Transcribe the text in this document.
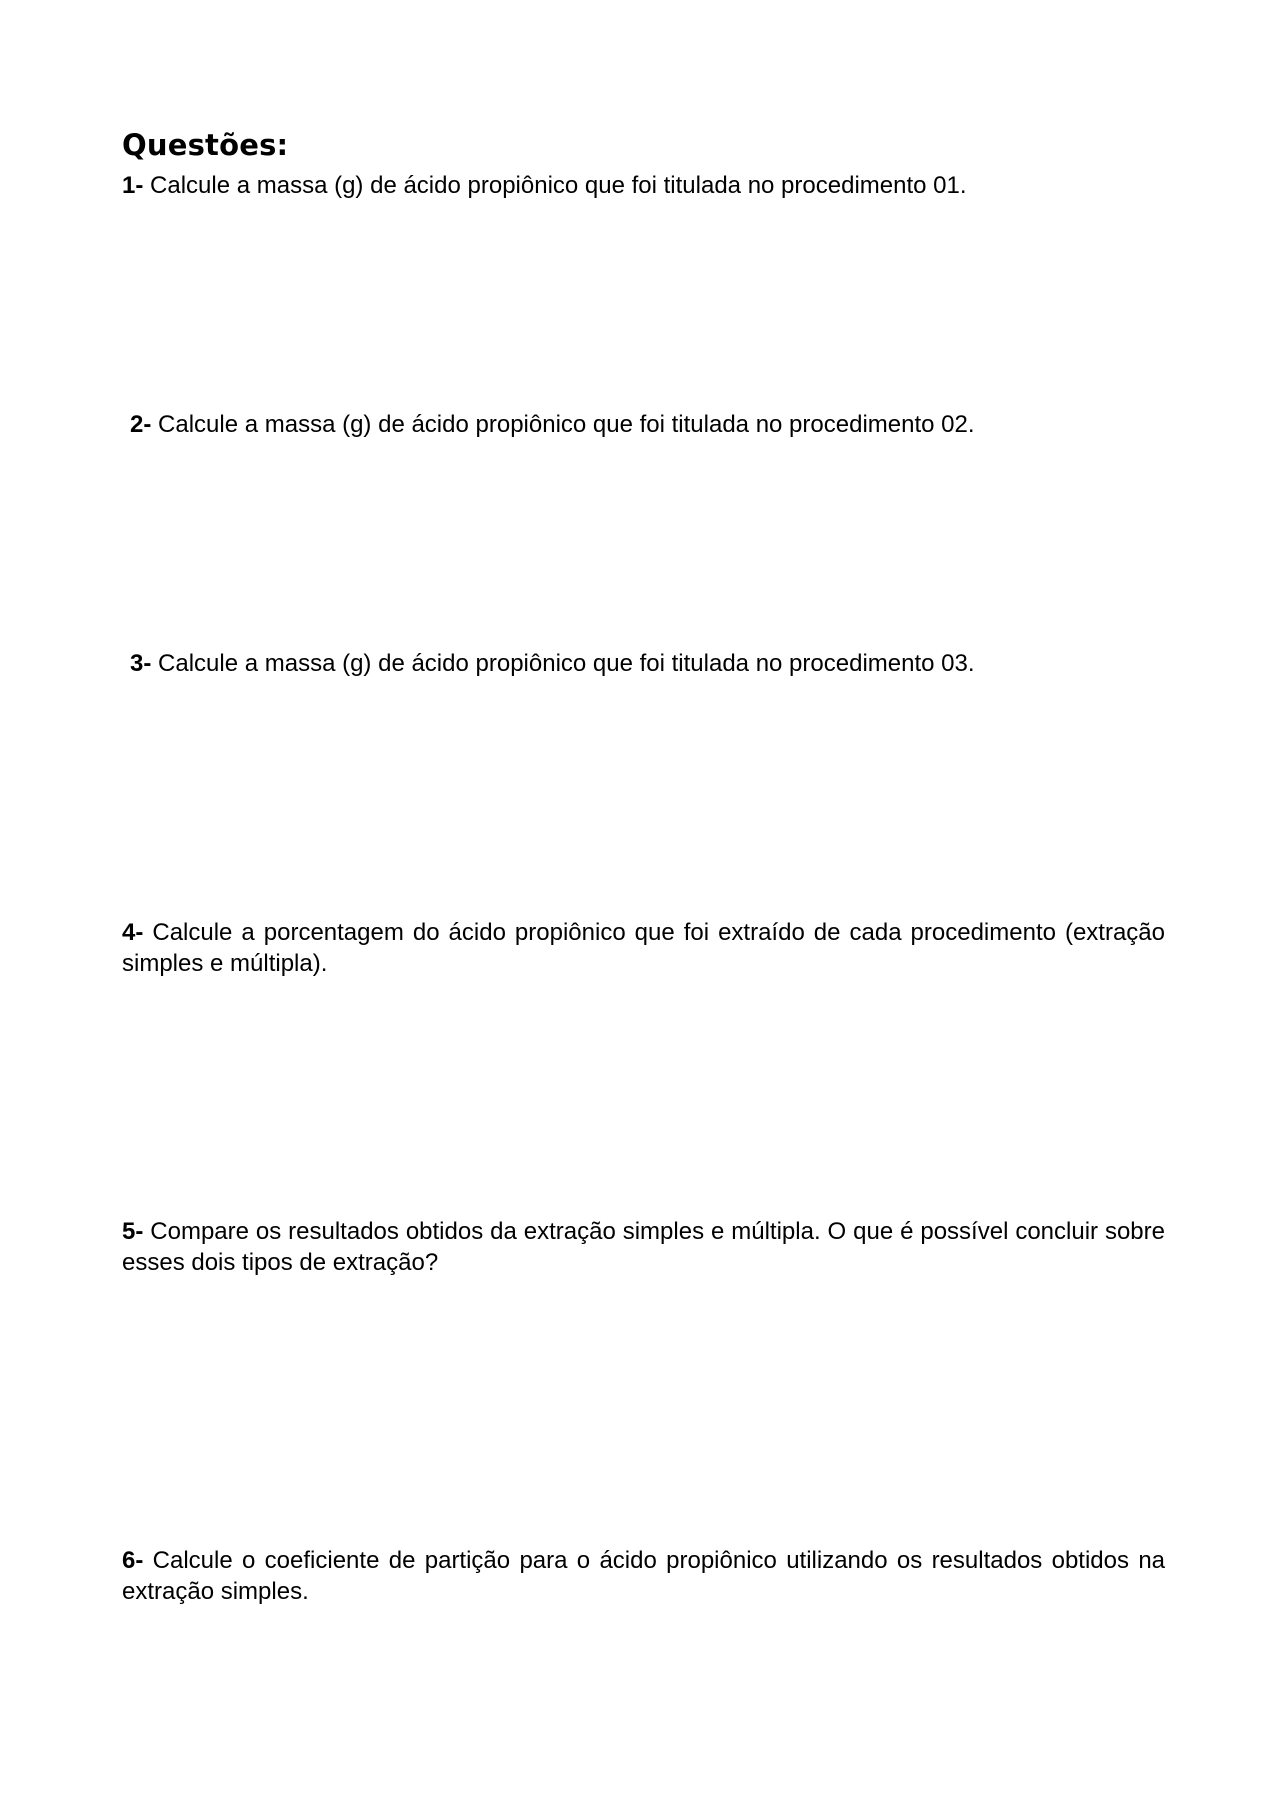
Questões:

1- Calcule a massa (g) de ácido propiônico que foi titulada no procedimento 01.

2- Calcule a massa (g) de ácido propiônico que foi titulada no procedimento 02.

3- Calcule a massa (g) de ácido propiônico que foi titulada no procedimento 03.

4- Calcule a porcentagem do ácido propiônico que foi extraído de cada procedimento (extração simples e múltipla).

5- Compare os resultados obtidos da extração simples e múltipla. O que é possível concluir sobre esses dois tipos de extração?

6- Calcule o coeficiente de partição para o ácido propiônico utilizando os resultados obtidos na extração simples.
